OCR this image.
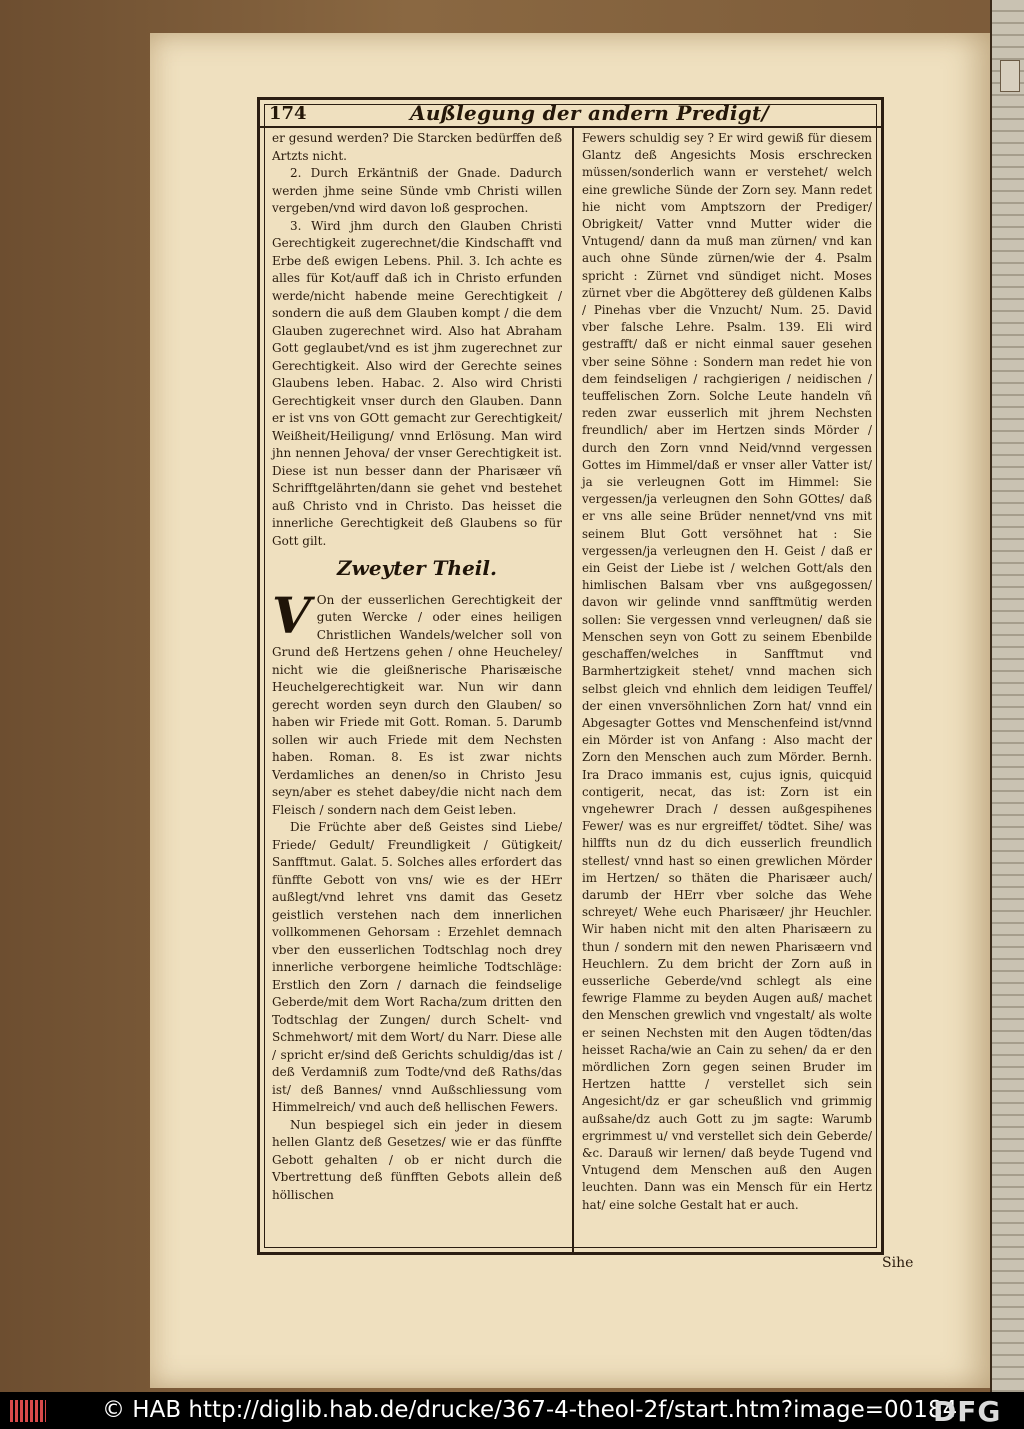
174	Außlegung der andern Predigt/

er gesund werden? Die Starcken bedürffen deß Artzts nicht.

2. Durch Erkäntniß der Gnade. Dadurch werden jhme seine Sünde vmb Christi willen vergeben/vnd wird davon loß gesprochen.

3. Wird jhm durch den Glauben Christi Gerechtigkeit zugerechnet/die Kindschafft vnd Erbe deß ewigen Lebens. Phil. 3. Ich achte es alles für Kot/auff daß ich in Christo erfunden werde/nicht habende meine Gerechtigkeit / sondern die auß dem Glauben kompt / die dem Glauben zugerechnet wird. Also hat Abraham Gott geglaubet/vnd es ist jhm zugerechnet zur Gerechtigkeit. Also wird der Gerechte seines Glaubens leben. Habac. 2. Also wird Christi Gerechtigkeit vnser durch den Glauben. Dann er ist vns von GOtt gemacht zur Gerechtigkeit/ Weißheit/Heiligung/ vnnd Erlösung. Man wird jhn nennen Jehova/ der vnser Gerechtigkeit ist. Diese ist nun besser dann der Pharisæer vñ Schrifftgelährten/dann sie gehet vnd bestehet auß Christo vnd in Christo. Das heisset die innerliche Gerechtigkeit deß Glaubens so für Gott gilt.

Zweyter Theil.

V On der eusserlichen Gerechtigkeit der guten Wercke / oder eines heiligen Christlichen Wandels/welcher soll von Grund deß Hertzens gehen / ohne Heucheley/ nicht wie die gleißnerische Pharisæische Heuchelgerechtigkeit war. Nun wir dann gerecht worden seyn durch den Glauben/ so haben wir Friede mit Gott. Roman. 5. Darumb sollen wir auch Friede mit dem Nechsten haben. Roman. 8. Es ist zwar nichts Verdamliches an denen/so in Christo Jesu seyn/aber es stehet dabey/die nicht nach dem Fleisch / sondern nach dem Geist leben.

Die Früchte aber deß Geistes sind Liebe/ Friede/ Gedult/ Freundligkeit / Gütigkeit/ Sanfftmut. Galat. 5. Solches alles erfordert das fünffte Gebott von vns/ wie es der HErr außlegt/vnd lehret vns damit das Gesetz geistlich verstehen nach dem innerlichen vollkommenen Gehorsam : Erzehlet demnach vber den eusserlichen Todtschlag noch drey innerliche verborgene heimliche Todtschläge: Erstlich den Zorn / darnach die feindselige Geberde/mit dem Wort Racha/zum dritten den Todtschlag der Zungen/ durch Schelt- vnd Schmehwort/ mit dem Wort/ du Narr. Diese alle / spricht er/sind deß Gerichts schuldig/das ist / deß Verdamniß zum Todte/vnd deß Raths/das ist/ deß Bannes/ vnnd Außschliessung vom Himmelreich/ vnd auch deß hellischen Fewers.

Nun bespiegel sich ein jeder in diesem hellen Glantz deß Gesetzes/ wie er das fünffte Gebott gehalten / ob er nicht durch die Vbertrettung deß fünfften Gebots allein deß höllischen

Fewers schuldig sey ? Er wird gewiß für diesem Glantz deß Angesichts Mosis erschrecken müssen/sonderlich wann er verstehet/ welch eine grewliche Sünde der Zorn sey. Mann redet hie nicht vom Amptszorn der Prediger/ Obrigkeit/ Vatter vnnd Mutter wider die Vntugend/ dann da muß man zürnen/ vnd kan auch ohne Sünde zürnen/wie der 4. Psalm spricht : Zürnet vnd sündiget nicht. Moses zürnet vber die Abgötterey deß güldenen Kalbs / Pinehas vber die Vnzucht/ Num. 25. David vber falsche Lehre. Psalm. 139. Eli wird gestrafft/ daß er nicht einmal sauer gesehen vber seine Söhne : Sondern man redet hie von dem feindseligen / rachgierigen / neidischen / teuffelischen Zorn. Solche Leute handeln vñ reden zwar eusserlich mit jhrem Nechsten freundlich/ aber im Hertzen sinds Mörder / durch den Zorn vnnd Neid/vnnd vergessen Gottes im Himmel/daß er vnser aller Vatter ist/ ja sie verleugnen Gott im Himmel: Sie vergessen/ja verleugnen den Sohn GOttes/ daß er vns alle seine Brüder nennet/vnd vns mit seinem Blut Gott versöhnet hat : Sie vergessen/ja verleugnen den H. Geist / daß er ein Geist der Liebe ist / welchen Gott/als den himlischen Balsam vber vns außgegossen/ davon wir gelinde vnnd sanfftmütig werden sollen: Sie vergessen vnnd verleugnen/ daß sie Menschen seyn von Gott zu seinem Ebenbilde geschaffen/welches in Sanfftmut vnd Barmhertzigkeit stehet/ vnnd machen sich selbst gleich vnd ehnlich dem leidigen Teuffel/ der einen vnversöhnlichen Zorn hat/ vnnd ein Abgesagter Gottes vnd Menschenfeind ist/vnnd ein Mörder ist von Anfang : Also macht der Zorn den Menschen auch zum Mörder. Bernh. Ira Draco immanis est, cujus ignis, quicquid contigerit, necat, das ist: Zorn ist ein vngehewrer Drach / dessen außgespihenes Fewer/ was es nur ergreiffet/ tödtet. Sihe/ was hilffts nun dz du dich eusserlich freundlich stellest/ vnnd hast so einen grewlichen Mörder im Hertzen/ so thäten die Pharisæer auch/ darumb der HErr vber solche das Wehe schreyet/ Wehe euch Pharisæer/ jhr Heuchler. Wir haben nicht mit den alten Pharisæern zu thun / sondern mit den newen Pharisæern vnd Heuchlern. Zu dem bricht der Zorn auß in eusserliche Geberde/vnd schlegt als eine fewrige Flamme zu beyden Augen auß/ machet den Menschen grewlich vnd vngestalt/ als wolte er seinen Nechsten mit den Augen tödten/das heisset Racha/wie an Cain zu sehen/ da er den mördlichen Zorn gegen seinen Bruder im Hertzen hattte / verstellet sich sein Angesicht/dz er gar scheußlich vnd grimmig außsahe/dz auch Gott zu jm sagte: Warumb ergrimmest u/ vnd verstellet sich dein Geberde/ &c. Darauß wir lernen/ daß beyde Tugend vnd Vntugend dem Menschen auß den Augen leuchten. Dann was ein Mensch für ein Hertz hat/ eine solche Gestalt hat er auch.

Sihe
© HAB http://diglib.hab.de/drucke/367-4-theol-2f/start.htm?image=00184
DFG
